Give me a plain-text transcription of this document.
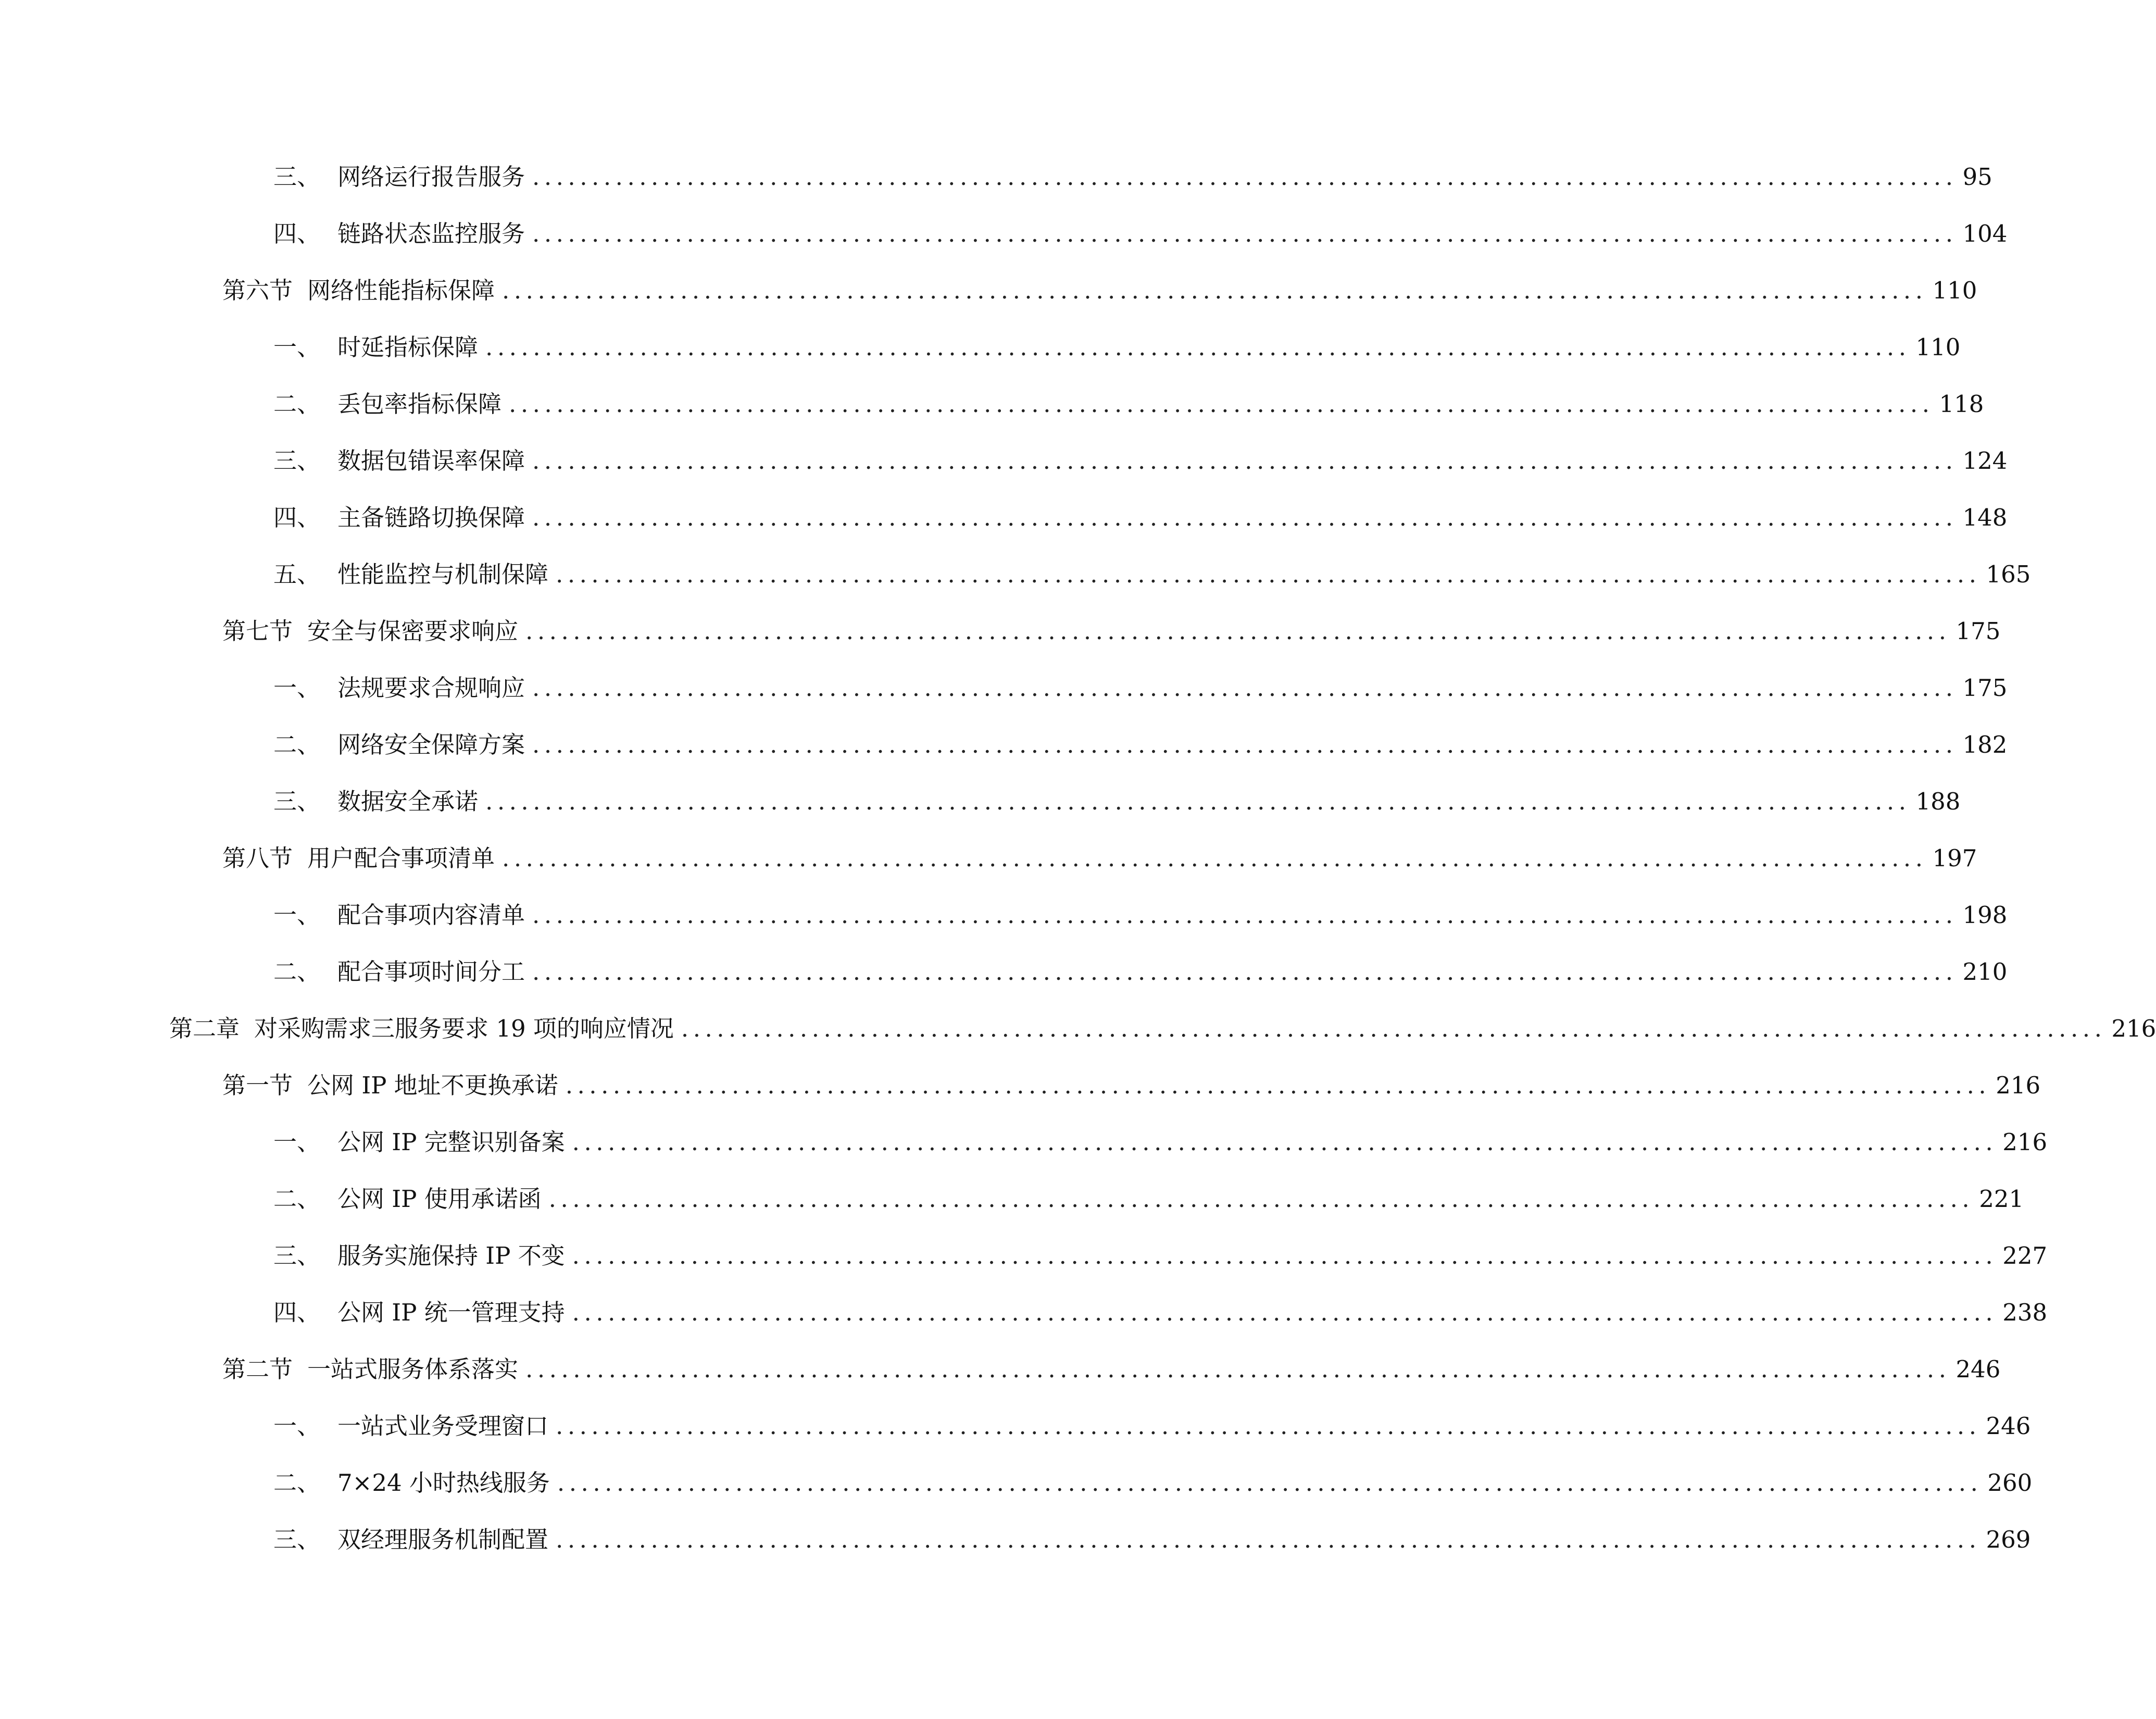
三、 网络运行报告服务 ........................................................................................................................ 95
四、 链路状态监控服务 ........................................................................................................................ 104
第六节 网络性能指标保障 ........................................................................................................................ 110
一、 时延指标保障 ........................................................................................................................ 110
二、 丢包率指标保障 ........................................................................................................................ 118
三、 数据包错误率保障 ........................................................................................................................ 124
四、 主备链路切换保障 ........................................................................................................................ 148
五、 性能监控与机制保障 ........................................................................................................................ 165
第七节 安全与保密要求响应 ........................................................................................................................ 175
一、 法规要求合规响应 ........................................................................................................................ 175
二、 网络安全保障方案 ........................................................................................................................ 182
三、 数据安全承诺 ........................................................................................................................ 188
第八节 用户配合事项清单 ........................................................................................................................ 197
一、 配合事项内容清单 ........................................................................................................................ 198
二、 配合事项时间分工 ........................................................................................................................ 210
第二章 对采购需求三服务要求 19 项的响应情况 ........................................................................................................................ 216
第一节 公网 IP 地址不更换承诺 ........................................................................................................................ 216
一、 公网 IP 完整识别备案 ........................................................................................................................ 216
二、 公网 IP 使用承诺函 ........................................................................................................................ 221
三、 服务实施保持 IP 不变 ........................................................................................................................ 227
四、 公网 IP 统一管理支持 ........................................................................................................................ 238
第二节 一站式服务体系落实 ........................................................................................................................ 246
一、 一站式业务受理窗口 ........................................................................................................................ 246
二、 7×24 小时热线服务 ........................................................................................................................ 260
三、 双经理服务机制配置 ........................................................................................................................ 269
